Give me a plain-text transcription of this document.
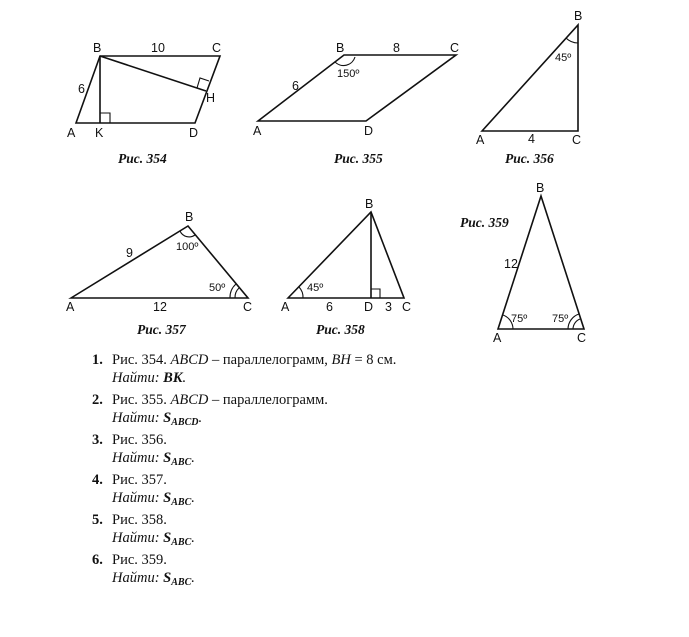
A
B	C
D
K
H
10
6
Рис. 354
A
B	C
D
8
6
150º
Рис. 355
A
B
C
4
45º
Рис. 356
A
B
C
9
12
100º
50º
Рис. 357
A
B
C
D
6	3
45º
Рис. 358
A
B
C
12
75º 75º
Рис. 359
1. Рис. 354. ABCD – параллелограмм, BH = 8 см.
Найти: BK.
2. Рис. 355. ABCD – параллелограмм.
Найти: $S_{ABCD}$.
3. Рис. 356.
Найти: $S_{ABC}$.
4. Рис. 357.
Найти: $S_{ABC}$.
5. Рис. 358.
Найти: $S_{ABC}$.
6. Рис. 359.
Найти: $S_{ABC}$.
